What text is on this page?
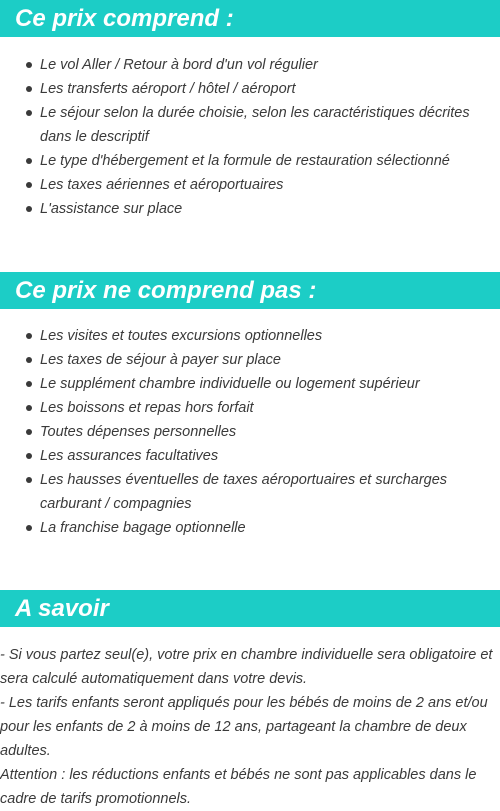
Ce prix comprend :
Le vol Aller / Retour à bord d'un vol régulier
Les transferts aéroport / hôtel / aéroport
Le séjour selon la durée choisie, selon les caractéristiques décrites dans le descriptif
Le type d'hébergement et la formule de restauration sélectionné
Les taxes aériennes et aéroportuaires
L'assistance sur place
Ce prix ne comprend pas :
Les visites et toutes excursions optionnelles
Les taxes de séjour à payer sur place
Le supplément chambre individuelle ou logement supérieur
Les boissons et repas hors forfait
Toutes dépenses personnelles
Les assurances facultatives
Les hausses éventuelles de taxes aéroportuaires et surcharges carburant / compagnies
La franchise bagage optionnelle
A savoir

- Si vous partez seul(e), votre prix en chambre individuelle sera obligatoire et sera calculé automatiquement dans votre devis.

- Les tarifs enfants seront appliqués pour les bébés de moins de 2 ans et/ou pour les enfants de 2 à moins de 12 ans, partageant la chambre de deux adultes.

Attention : les réductions enfants et bébés ne sont pas applicables dans le cadre de tarifs promotionnels.
